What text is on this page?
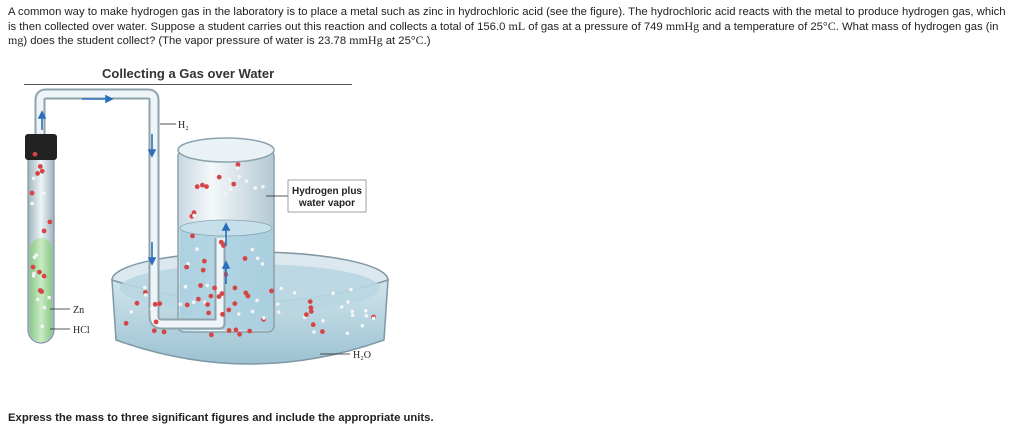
A common way to make hydrogen gas in the laboratory is to place a metal such as zinc in hydrochloric acid (see the figure). The hydrochloric acid reacts with the metal to produce hydrogen gas, which is then collected over water. Suppose a student carries out this reaction and collects a total of 156.0 mL of gas at a pressure of 749 mmHg and a temperature of 25°C. What mass of hydrogen gas (in mg) does the student collect? (The vapor pressure of water is 23.78 mmHg at 25°C.)

Collecting a Gas over Water
H₂
Hydrogen plus
water vapor
Zn
HCl
H₂O

Express the mass to three significant figures and include the appropriate units.
